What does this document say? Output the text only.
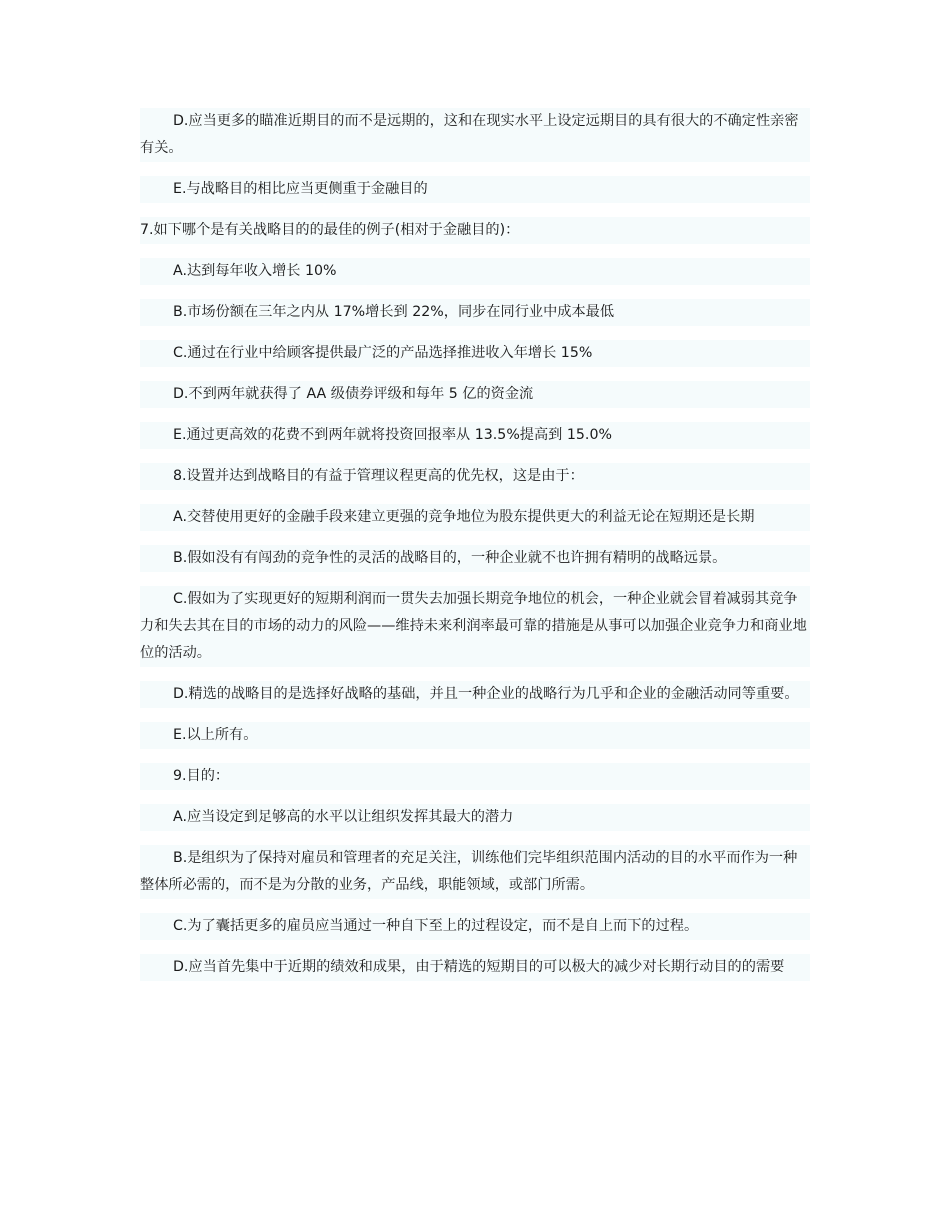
D.应当更多的瞄准近期目的而不是远期的，这和在现实水平上设定远期目的具有很大的不确定性亲密有关。

E.与战略目的相比应当更侧重于金融目的

7.如下哪个是有关战略目的的最佳的例子(相对于金融目的)：

A.达到每年收入增长 10%

B.市场份额在三年之内从 17%增长到 22%，同步在同行业中成本最低

C.通过在行业中给顾客提供最广泛的产品选择推进收入年增长 15%

D.不到两年就获得了 AA 级债券评级和每年 5 亿的资金流

E.通过更高效的花费不到两年就将投资回报率从 13.5%提高到 15.0%

8.设置并达到战略目的有益于管理议程更高的优先权，这是由于：

A.交替使用更好的金融手段来建立更强的竞争地位为股东提供更大的利益无论在短期还是长期

B.假如没有有闯劲的竞争性的灵活的战略目的，一种企业就不也许拥有精明的战略远景。

C.假如为了实现更好的短期利润而一贯失去加强长期竞争地位的机会，一种企业就会冒着减弱其竞争力和失去其在目的市场的动力的风险——维持未来利润率最可靠的措施是从事可以加强企业竞争力和商业地位的活动。

D.精选的战略目的是选择好战略的基础，并且一种企业的战略行为几乎和企业的金融活动同等重要。

E.以上所有。

9.目的：

A.应当设定到足够高的水平以让组织发挥其最大的潜力

B.是组织为了保持对雇员和管理者的充足关注，训练他们完毕组织范围内活动的目的水平而作为一种整体所必需的，而不是为分散的业务，产品线，职能领域，或部门所需。

C.为了囊括更多的雇员应当通过一种自下至上的过程设定，而不是自上而下的过程。

D.应当首先集中于近期的绩效和成果，由于精选的短期目的可以极大的减少对长期行动目的的需要
